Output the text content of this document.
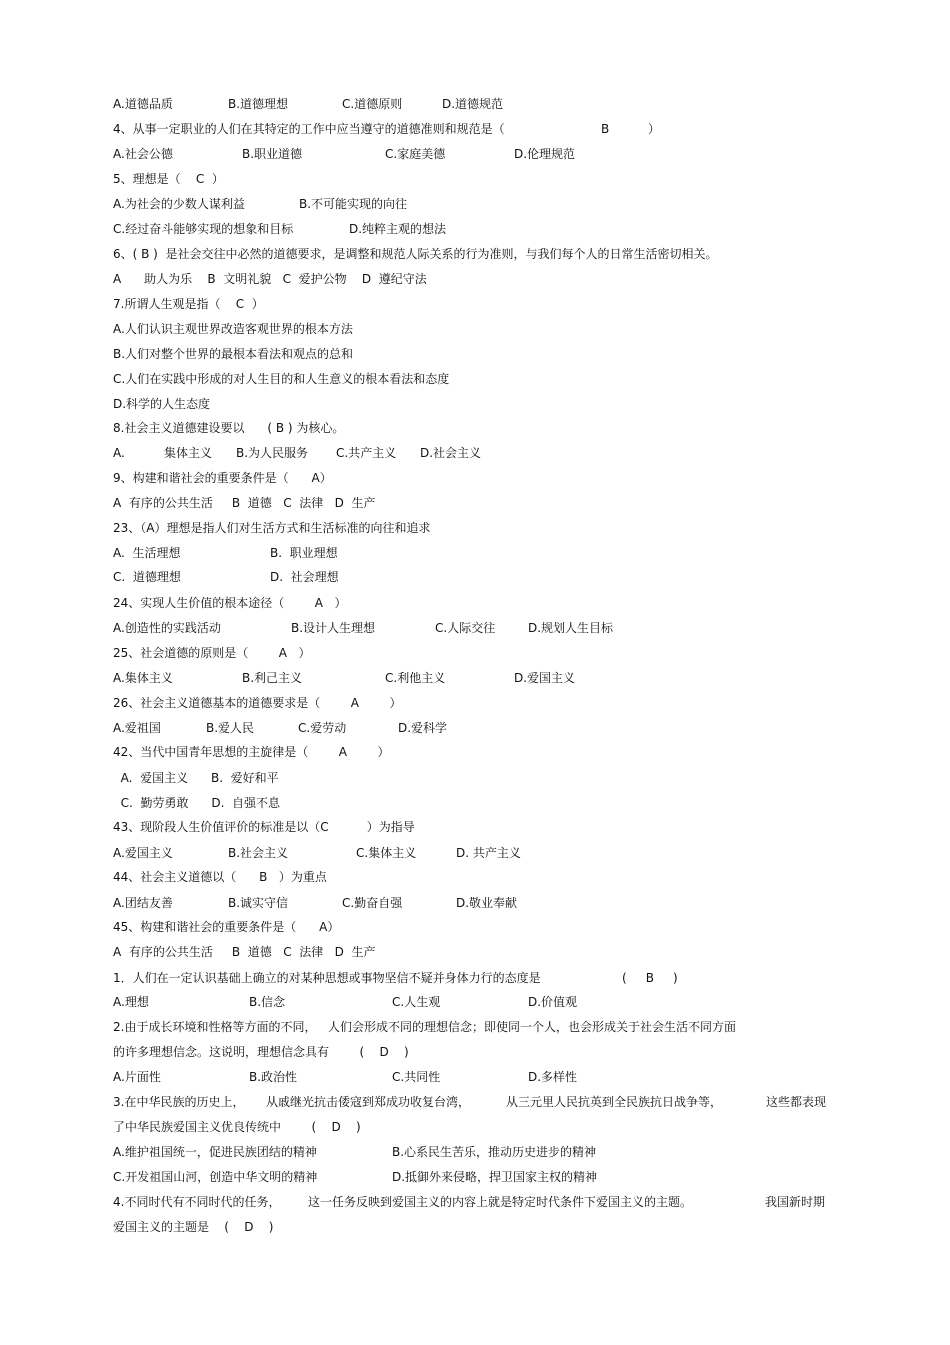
A.道德品质	B.道德理想	C.道德原则	D.道德规范
4、从事一定职业的人们在其特定的工作中应当遵守的道德准则和规范是（	B	）
A.社会公德	B.职业道德	C.家庭美德	D.伦理规范
5、理想是（    C  ）
A.为社会的少数人谋利益	B.不可能实现的向往
C.经过奋斗能够实现的想象和目标	D.纯粹主观的想法
6、( B )  是社会交往中必然的道德要求，是调整和规范人际关系的行为准则，与我们每个人的日常生活密切相关。
A      助人为乐    B  文明礼貌   C  爱护公物    D  遵纪守法
7.所谓人生观是指（    C  ）
A.人们认识主观世界改造客观世界的根本方法
B.人们对整个世界的最根本看法和观点的总和
C.人们在实践中形成的对人生目的和人生意义的根本看法和态度
D.科学的人生态度
8.社会主义道德建设要以      ( B ) 为核心。
A.	集体主义 B.为人民服务 C.共产主义 D.社会主义
9、构建和谐社会的重要条件是（      A）
A  有序的公共生活     B  道德   C  法律   D  生产
23、（A）理想是指人们对生活方式和生活标准的向往和追求
A.  生活理想	B.  职业理想
C.  道德理想	D.  社会理想
24、实现人生价值的根本途径（        A   ）
A.创造性的实践活动	B.设计人生理想	C.人际交往	D.规划人生目标
25、社会道德的原则是（        A   ）
A.集体主义	B.利己主义	C.利他主义	D.爱国主义
26、社会主义道德基本的道德要求是（        A        ）
A.爱祖国	B.爱人民	C.爱劳动	D.爱科学
42、当代中国青年思想的主旋律是（        A        ）
A.  爱国主义      B.  爱好和平
C.  勤劳勇敢      D.  自强不息
43、现阶段人生价值评价的标准是以（C          ）为指导
A.爱国主义	B.社会主义	C.集体主义	D. 共产主义
44、社会主义道德以（      B   ）为重点
A.团结友善	B.诚实守信	C.勤奋自强	D.敬业奉献
45、构建和谐社会的重要条件是（      A）
A  有序的公共生活     B  道德   C  法律   D  生产
1．人们在一定认识基础上确立的对某种思想或事物坚信不疑并身体力行的态度是	(     B     )
A.理想	B.信念	C.人生观	D.价值观
2.由于成长环境和性格等方面的不同， 人们会形成不同的理想信念；即使同一个人，也会形成关于社会生活不同方面
的许多理想信念。这说明，理想信念具有        (    D    )
A.片面性	B.政治性	C.共同性	D.多样性
3.在中华民族的历史上， 从戚继光抗击倭寇到郑成功收复台湾，	从三元里人民抗英到全民族抗日战争等，	这些都表现
了中华民族爱国主义优良传统中        (    D    )
A.维护祖国统一，促进民族团结的精神	B.心系民生苦乐，推动历史进步的精神
C.开发祖国山河，创造中华文明的精神	D.抵御外来侵略，捍卫国家主权的精神
4.不同时代有不同时代的任务， 这一任务反映到爱国主义的内容上就是特定时代条件下爱国主义的主题。	我国新时期
爱国主义的主题是    (    D    )
